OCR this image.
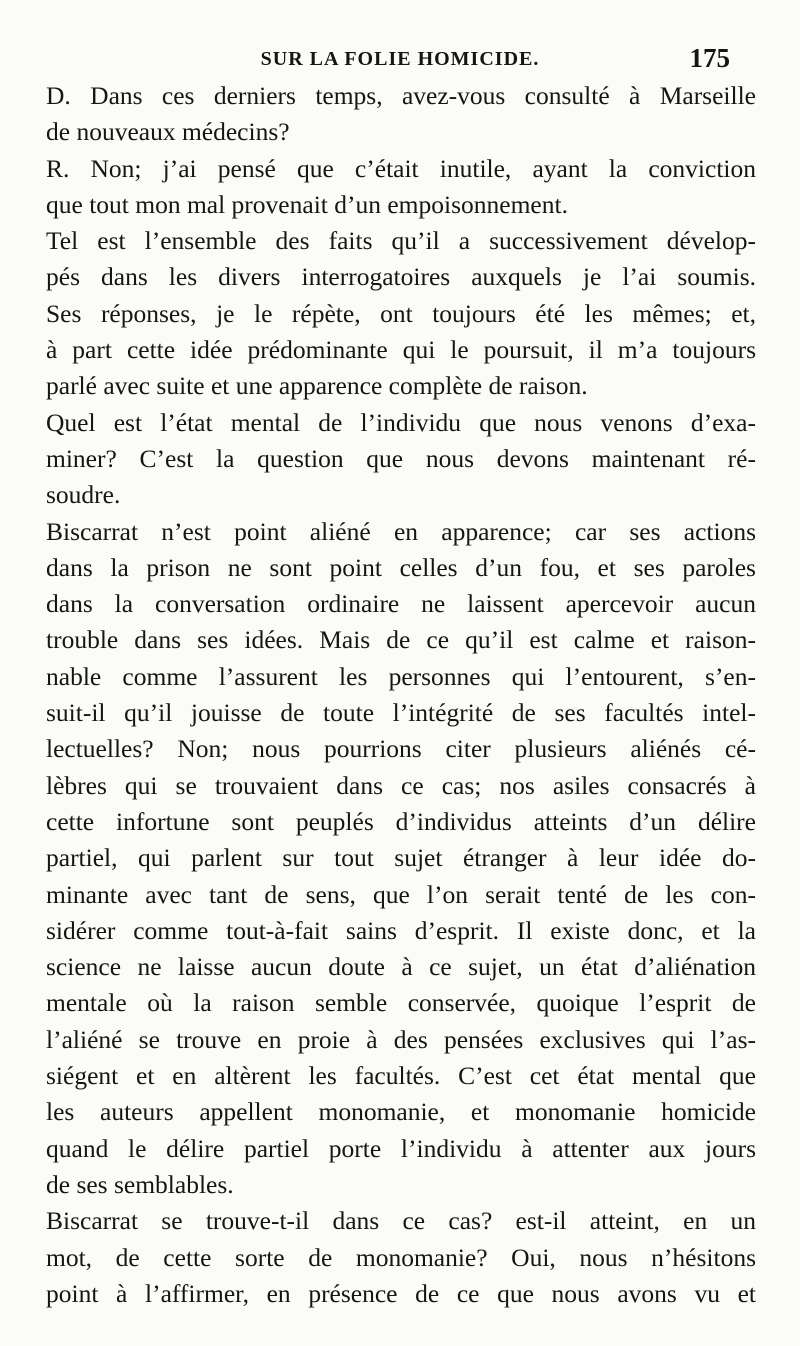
SUR LA FOLIE HOMICIDE.	175
D. Dans ces derniers temps, avez-vous consulté à Marseille
de nouveaux médecins?
R. Non; j’ai pensé que c’était inutile, ayant la conviction
que tout mon mal provenait d’un empoisonnement.
Tel est l’ensemble des faits qu’il a successivement dévelop-
pés dans les divers interrogatoires auxquels je l’ai soumis.
Ses réponses, je le répète, ont toujours été les mêmes; et,
à part cette idée prédominante qui le poursuit, il m’a toujours
parlé avec suite et une apparence complète de raison.
Quel est l’état mental de l’individu que nous venons d’exa-
miner? C’est la question que nous devons maintenant ré-
soudre.
Biscarrat n’est point aliéné en apparence; car ses actions
dans la prison ne sont point celles d’un fou, et ses paroles
dans la conversation ordinaire ne laissent apercevoir aucun
trouble dans ses idées. Mais de ce qu’il est calme et raison-
nable comme l’assurent les personnes qui l’entourent, s’en-
suit-il qu’il jouisse de toute l’intégrité de ses facultés intel-
lectuelles? Non; nous pourrions citer plusieurs aliénés cé-
lèbres qui se trouvaient dans ce cas; nos asiles consacrés à
cette infortune sont peuplés d’individus atteints d’un délire
partiel, qui parlent sur tout sujet étranger à leur idée do-
minante avec tant de sens, que l’on serait tenté de les con-
sidérer comme tout-à-fait sains d’esprit. Il existe donc, et la
science ne laisse aucun doute à ce sujet, un état d’aliénation
mentale où la raison semble conservée, quoique l’esprit de
l’aliéné se trouve en proie à des pensées exclusives qui l’as-
siégent et en altèrent les facultés. C’est cet état mental que
les auteurs appellent monomanie, et monomanie homicide
quand le délire partiel porte l’individu à attenter aux jours
de ses semblables.
Biscarrat se trouve-t-il dans ce cas? est-il atteint, en un
mot, de cette sorte de monomanie? Oui, nous n’hésitons
point à l’affirmer, en présence de ce que nous avons vu et
